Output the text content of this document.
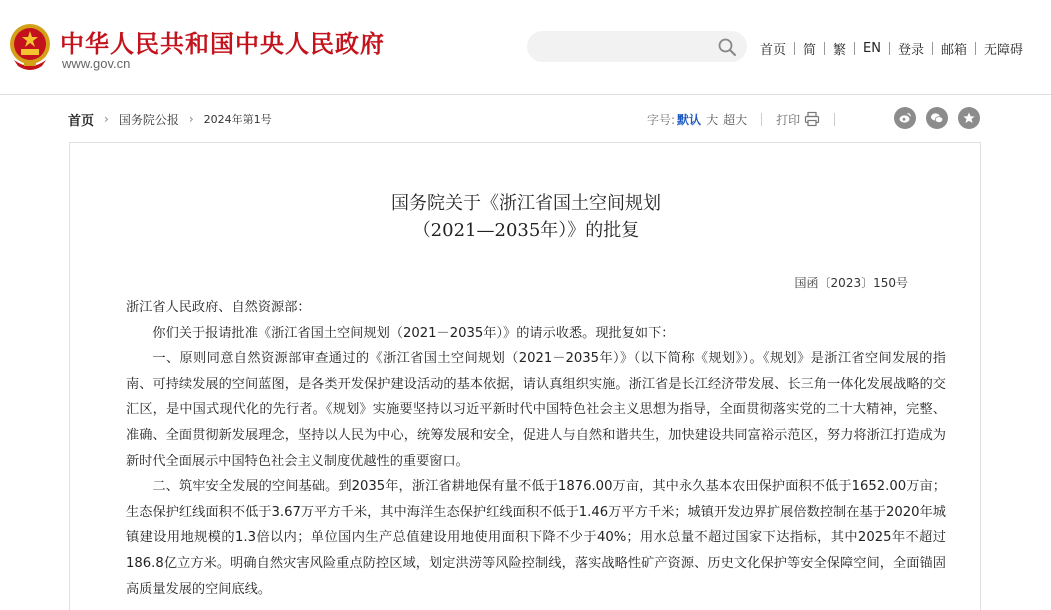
中华人民共和国中央人民政府
www.gov.cn
首页 简 繁 EN 登录 邮箱 无障碍
首页 › 国务院公报 › 2024年第1号	字号: 默认 大 超大 打印
国务院关于《浙江省国土空间规划
（2021—2035年）》的批复
国函〔2023〕150号

浙江省人民政府、自然资源部：

你们关于报请批准《浙江省国土空间规划（2021－2035年）》的请示收悉。现批复如下：

一、原则同意自然资源部审查通过的《浙江省国土空间规划（2021－2035年）》（以下简称《规划》）。《规划》是浙江省空间发展的指南、可持续发展的空间蓝图，是各类开发保护建设活动的基本依据，请认真组织实施。浙江省是长江经济带发展、长三角一体化发展战略的交汇区，是中国式现代化的先行者。《规划》实施要坚持以习近平新时代中国特色社会主义思想为指导，全面贯彻落实党的二十大精神，完整、准确、全面贯彻新发展理念，坚持以人民为中心，统筹发展和安全，促进人与自然和谐共生，加快建设共同富裕示范区，努力将浙江打造成为新时代全面展示中国特色社会主义制度优越性的重要窗口。

二、筑牢安全发展的空间基础。到2035年，浙江省耕地保有量不低于1876.00万亩，其中永久基本农田保护面积不低于1652.00万亩；生态保护红线面积不低于3.67万平方千米，其中海洋生态保护红线面积不低于1.46万平方千米；城镇开发边界扩展倍数控制在基于2020年城镇建设用地规模的1.3倍以内；单位国内生产总值建设用地使用面积下降不少于40%；用水总量不超过国家下达指标，其中2025年不超过186.8亿立方米。明确自然灾害风险重点防控区域，划定洪涝等风险控制线，落实战略性矿产资源、历史文化保护等安全保障空间，全面锚固高质量发展的空间底线。
